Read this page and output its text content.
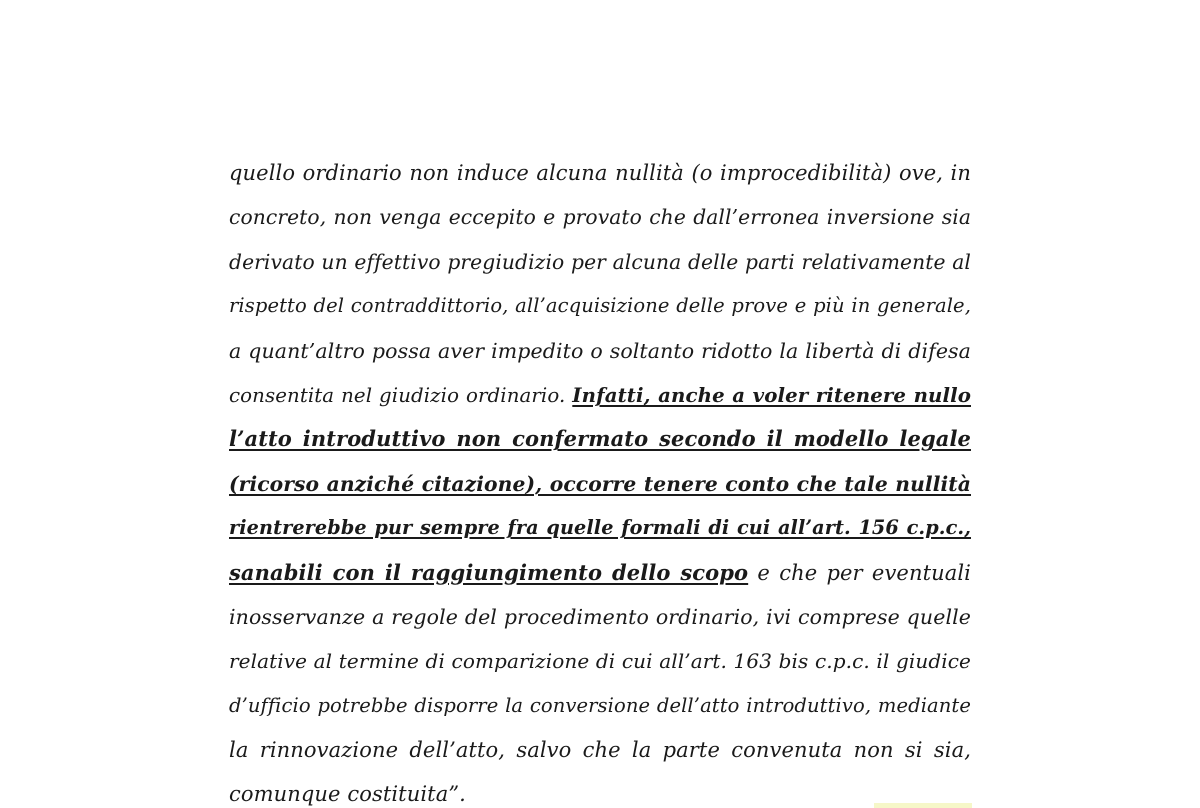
quello ordinario non induce alcuna nullità (o improcedibilità) ove, in
concreto, non venga eccepito e provato che dall’erronea inversione sia
derivato un effettivo pregiudizio per alcuna delle parti relativamente al
rispetto del contraddittorio, all’acquisizione delle prove e più in generale,
a quant’altro possa aver impedito o soltanto ridotto la libertà di difesa
consentita nel giudizio ordinario. Infatti, anche a voler ritenere nullo
l’atto introduttivo non confermato secondo il modello legale
(ricorso anziché citazione), occorre tenere conto che tale nullità
rientrerebbe pur sempre fra quelle formali di cui all’art. 156 c.p.c.,
sanabili con il raggiungimento dello scopo e che per eventuali
inosservanze a regole del procedimento ordinario, ivi comprese quelle
relative al termine di comparizione di cui all’art. 163 bis c.p.c. il giudice
d’ufficio potrebbe disporre la conversione dell’atto introduttivo, mediante
la rinnovazione dell’atto, salvo che la parte convenuta non si sia,
comunque costituita”.
